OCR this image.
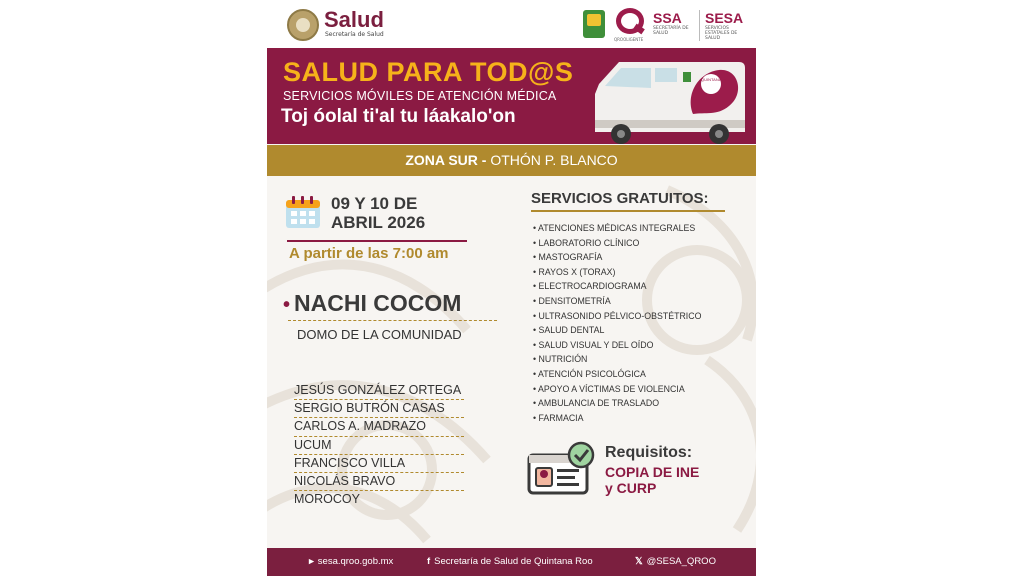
Salud
Secretaría de Salud
QROOLIGENTE
SSA
SECRETARÍA DE SALUD
SESA
SERVICIOS ESTATALES DE SALUD
SALUD PARA TOD@S
SERVICIOS MÓVILES DE ATENCIÓN MÉDICA
Toj óolal ti'al tu láakalo'on
QUINTANA ROO
ZONA SUR - OTHÓN P. BLANCO
09 Y 10 DE
ABRIL 2026
A partir de las 7:00 am
• NACHI COCOM
DOMO DE LA COMUNIDAD
JESÚS GONZÁLEZ ORTEGA
SERGIO BUTRÓN CASAS
CARLOS A. MADRAZO
UCUM
FRANCISCO VILLA
NICOLÁS BRAVO
MOROCOY
SERVICIOS GRATUITOS:
• ATENCIONES MÉDICAS INTEGRALES
• LABORATORIO CLÍNICO
• MASTOGRAFÍA
• RAYOS X (TORAX)
• ELECTROCARDIOGRAMA
• DENSITOMETRÍA
• ULTRASONIDO PÉLVICO-OBSTÉTRICO
• SALUD DENTAL
• SALUD VISUAL Y DEL OÍDO
• NUTRICIÓN
• ATENCIÓN PSICOLÓGICA
• APOYO A VÍCTIMAS DE VIOLENCIA
• AMBULANCIA DE TRASLADO
• FARMACIA
Requisitos:
COPIA DE INE
y CURP
▸ sesa.qroo.gob.mx	f Secretaría de Salud de Quintana Roo	𝕏 @SESA_QROO
